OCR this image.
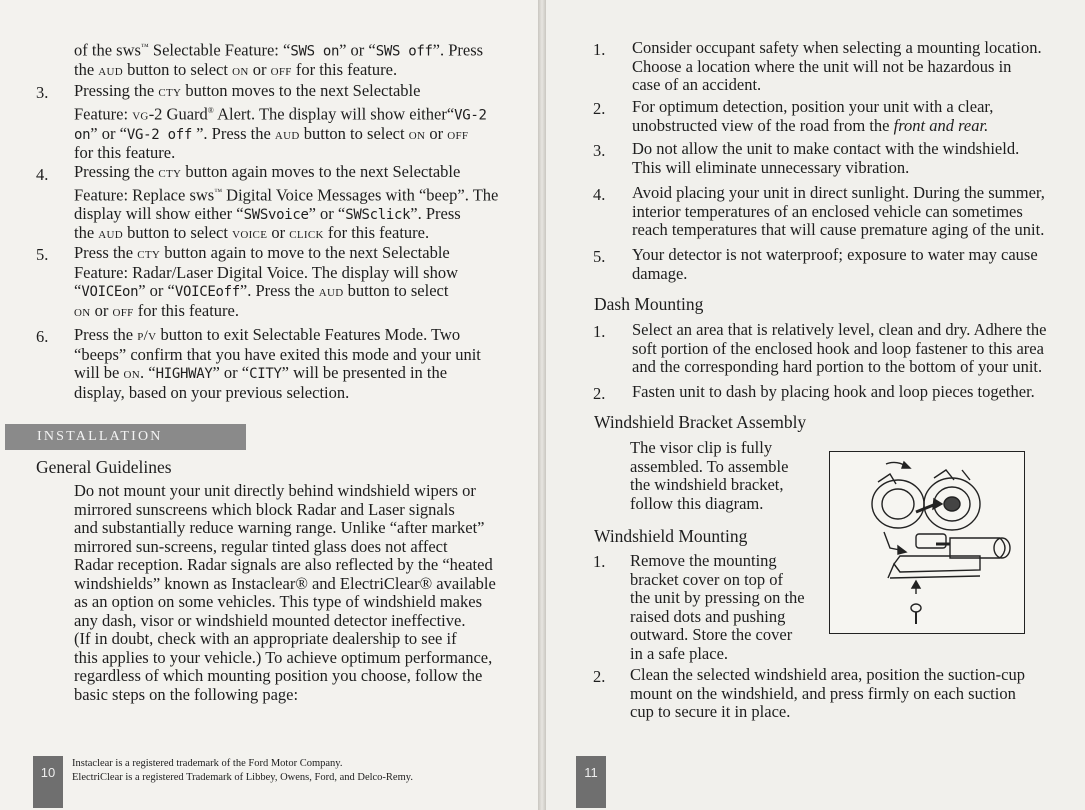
of the sws™ Selectable Feature: “SWS on” or “SWS off”. Press
the aud button to select on or off for this feature.
3. Pressing the cty button moves to the next Selectable
Feature: vg-2 Guard® Alert. The display will show either“VG-2
on” or “VG-2 off ”. Press the aud button to select on or off
for this feature.
4. Pressing the cty button again moves to the next Selectable
Feature: Replace sws™ Digital Voice Messages with “beep”. The
display will show either “SWSvoice” or “SWSclick”. Press
the aud button to select voice or click for this feature.
5. Press the cty button again to move to the next Selectable
Feature: Radar/Laser Digital Voice. The display will show
“VOICEon” or “VOICEoff”. Press the aud button to select
on or off for this feature.
6. Press the p/v button to exit Selectable Features Mode. Two
“beeps” confirm that you have exited this mode and your unit
will be on. “HIGHWAY” or “CITY” will be presented in the
display, based on your previous selection.
INSTALLATION
General Guidelines
Do not mount your unit directly behind windshield wipers or
mirrored sunscreens which block Radar and Laser signals
and substantially reduce warning range. Unlike “after market”
mirrored sun-screens, regular tinted glass does not affect
Radar reception. Radar signals are also reflected by the “heated
windshields” known as Instaclear® and ElectriClear® available
as an option on some vehicles. This type of windshield makes
any dash, visor or windshield mounted detector ineffective.
(If in doubt, check with an appropriate dealership to see if
this applies to your vehicle.) To achieve optimum performance,
regardless of which mounting position you choose, follow the
basic steps on the following page:
10
Instaclear is a registered trademark of the Ford Motor Company.
ElectriClear is a registered Trademark of Libbey, Owens, Ford, and Delco-Remy.
1. Consider occupant safety when selecting a mounting location.
Choose a location where the unit will not be hazardous in
case of an accident.
2. For optimum detection, position your unit with a clear,
unobstructed view of the road from the front and rear.
3. Do not allow the unit to make contact with the windshield.
This will eliminate unnecessary vibration.
4. Avoid placing your unit in direct sunlight. During the summer,
interior temperatures of an enclosed vehicle can sometimes
reach temperatures that will cause premature aging of the unit.
5. Your detector is not waterproof; exposure to water may cause
damage.
Dash Mounting
1. Select an area that is relatively level, clean and dry. Adhere the
soft portion of the enclosed hook and loop fastener to this area
and the corresponding hard portion to the bottom of your unit.
2. Fasten unit to dash by placing hook and loop pieces together.
Windshield Bracket Assembly
The visor clip is fully
assembled. To assemble
the windshield bracket,
follow this diagram.
Windshield Mounting
1. Remove the mounting
bracket cover on top of
the unit by pressing on the
raised dots and pushing
outward. Store the cover
in a safe place.
2. Clean the selected windshield area, position the suction-cup
mount on the windshield, and press firmly on each suction
cup to secure it in place.
11
